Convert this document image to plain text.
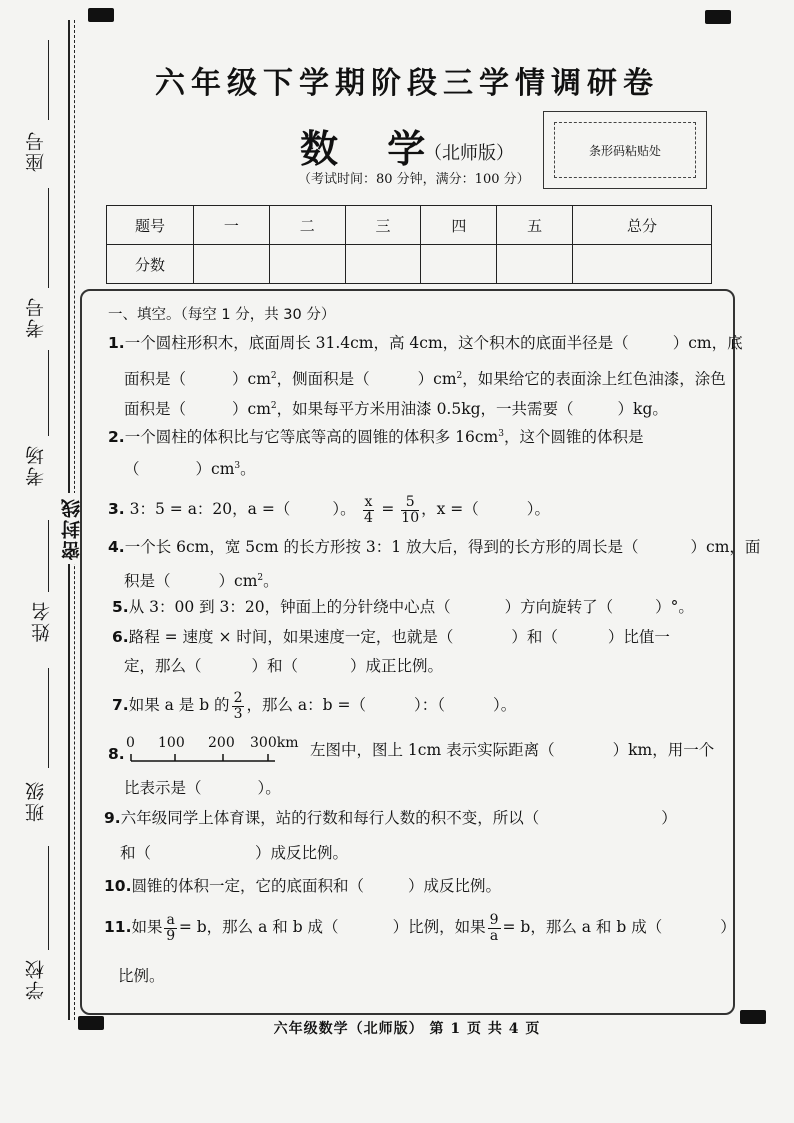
座号
考号
考场
姓名
班级
学校
密封线
六年级下学期阶段三学情调研卷
数 学
（北师版）
（考试时间：80 分钟，满分：100 分）
条形码粘贴处
题号	一	二	三	四	五	总分
分数						
一、填空。（每空 1 分，共 30 分）
1.一个圆柱形积木，底面周长 31.4cm，高 4cm，这个积木的底面半径是（	）cm，底
面积是（	）$cm^2$，侧面积是（	）$cm^2$，如果给它的表面涂上红色油漆，涂色
面积是（	）$cm^2$，如果每平方米用油漆 0.5kg，一共需要（	）kg。
2.一个圆柱的体积比与它等底等高的圆锥的体积多 $16cm^3$，这个圆锥的体积是
（	）$cm^3$。
3. 3：5 = a：20，a =（	）。 $\frac{x}{4} = \frac{5}{10}$ ，x =（	）。
4.一个长 6cm，宽 5cm 的长方形按 3：1 放大后，得到的长方形的周长是（	）cm，面
积是（	）$cm^2$。
5.从 3：00 到 3：20，钟面上的分针绕中心点（	）方向旋转了（	）°。
6.路程 = 速度 × 时间，如果速度一定，也就是（	）和（	）比值一
定，那么（	）和（	）成正比例。
7.如果 a 是 b 的 $\frac{2}{3}$ ，那么 a：b =（	）：（	）。
8.
0 100 200 300km 左图中，图上 1cm 表示实际距离（	）km，用一个
比表示是（	）。
9.六年级同学上体育课，站的行数和每行人数的积不变，所以（	）
和（	）成反比例。
10.圆锥的体积一定，它的底面积和（	）成反比例。
11.如果 $\frac{a}{9} = b$，那么 a 和 b 成（	）比例，如果 $\frac{9}{a} = b$，那么 a 和 b 成（	）
比例。
六年级数学（北师版） 第 1 页 共 4 页
